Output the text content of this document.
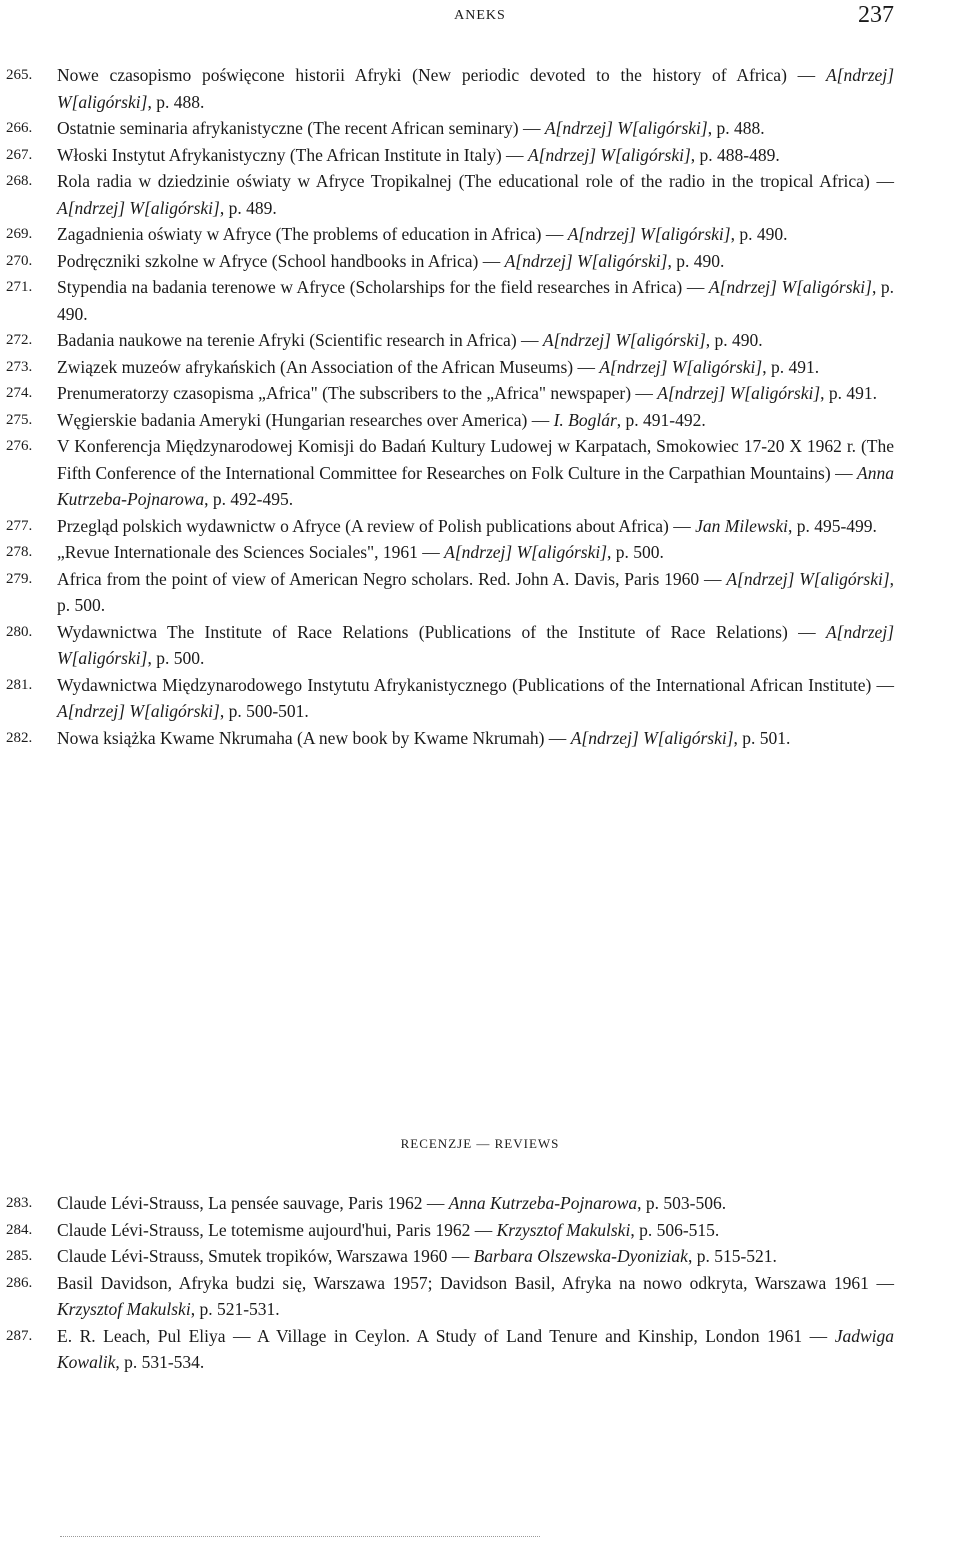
ANEKS	237
265.	Nowe czasopismo poświęcone historii Afryki (New periodic devoted to the history of Africa) — A[ndrzej] W[aligórski], p. 488.
266.	Ostatnie seminaria afrykanistyczne (The recent African seminary) — A[ndrzej] W[aligórski], p. 488.
267.	Włoski Instytut Afrykanistyczny (The African Institute in Italy) — A[ndrzej] W[aligórski], p. 488-489.
268.	Rola radia w dziedzinie oświaty w Afryce Tropikalnej (The educational role of the radio in the tropical Africa) — A[ndrzej] W[aligórski], p. 489.
269.	Zagadnienia oświaty w Afryce (The problems of education in Africa) — A[ndrzej] W[aligórski], p. 490.
270.	Podręczniki szkolne w Afryce (School handbooks in Africa) — A[ndrzej] W[aligórski], p. 490.
271.	Stypendia na badania terenowe w Afryce (Scholarships for the field researches in Africa) — A[ndrzej] W[aligórski], p. 490.
272.	Badania naukowe na terenie Afryki (Scientific research in Africa) — A[ndrzej] W[aligórski], p. 490.
273.	Związek muzeów afrykańskich (An Association of the African Museums) — A[ndrzej] W[aligórski], p. 491.
274.	Prenumeratorzy czasopisma „Africa" (The subscribers to the „Africa" newspaper) — A[ndrzej] W[aligórski], p. 491.
275.	Węgierskie badania Ameryki (Hungarian researches over America) — I. Boglár, p. 491-492.
276.	V Konferencja Międzynarodowej Komisji do Badań Kultury Ludowej w Karpatach, Smokowiec 17-20 X 1962 r. (The Fifth Conference of the International Committee for Researches on Folk Culture in the Carpathian Mountains) — Anna Kutrzeba-Pojnarowa, p. 492-495.
277.	Przegląd polskich wydawnictw o Afryce (A review of Polish publications about Africa) — Jan Milewski, p. 495-499.
278.	„Revue Internationale des Sciences Sociales", 1961 — A[ndrzej] W[aligórski], p. 500.
279.	Africa from the point of view of American Negro scholars. Red. John A. Davis, Paris 1960 — A[ndrzej] W[aligórski], p. 500.
280.	Wydawnictwa The Institute of Race Relations (Publications of the Institute of Race Relations) — A[ndrzej] W[aligórski], p. 500.
281.	Wydawnictwa Międzynarodowego Instytutu Afrykanistycznego (Publications of the International African Institute) — A[ndrzej] W[aligórski], p. 500-501.
282.	Nowa książka Kwame Nkrumaha (A new book by Kwame Nkrumah) — A[ndrzej] W[aligórski], p. 501.
RECENZJE — REVIEWS
283.	Claude Lévi-Strauss, La pensée sauvage, Paris 1962 — Anna Kutrzeba-Pojnarowa, p. 503-506.
284.	Claude Lévi-Strauss, Le totemisme aujourd'hui, Paris 1962 — Krzysztof Makulski, p. 506-515.
285.	Claude Lévi-Strauss, Smutek tropików, Warszawa 1960 — Barbara Olszewska-Dyoniziak, p. 515-521.
286.	Basil Davidson, Afryka budzi się, Warszawa 1957; Davidson Basil, Afryka na nowo odkryta, Warszawa 1961 — Krzysztof Makulski, p. 521-531.
287.	E. R. Leach, Pul Eliya — A Village in Ceylon. A Study of Land Tenure and Kinship, London 1961 — Jadwiga Kowalik, p. 531-534.
